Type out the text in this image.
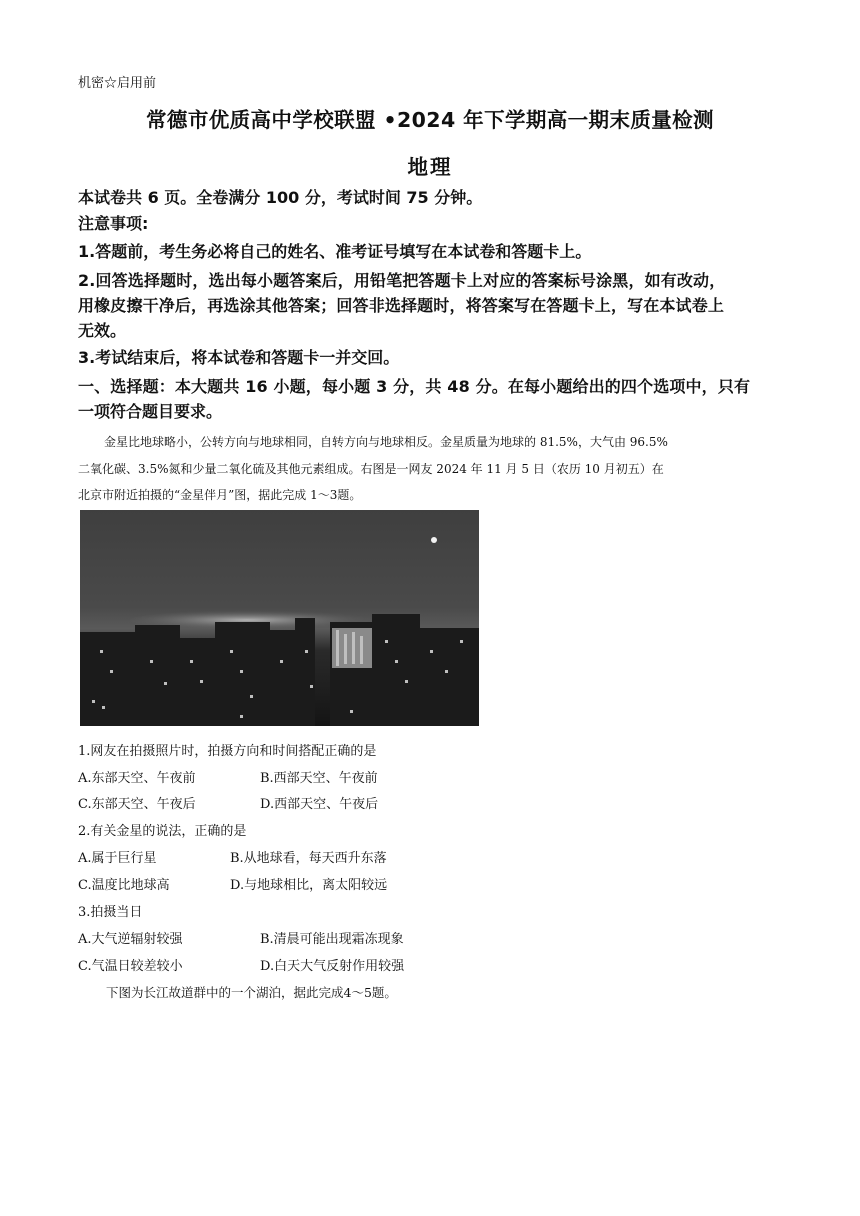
机密☆启用前
常德市优质高中学校联盟 •2024 年下学期高一期末质量检测
地理
本试卷共 6 页。全卷满分 100 分，考试时间 75 分钟。
注意事项:
1.答题前，考生务必将自己的姓名、准考证号填写在本试卷和答题卡上。
2.回答选择题时，选出每小题答案后，用铅笔把答题卡上对应的答案标号涂黑，如有改动，
用橡皮擦干净后，再选涂其他答案；回答非选择题时，将答案写在答题卡上，写在本试卷上
无效。
3.考试结束后，将本试卷和答题卡一并交回。
一、选择题：本大题共 16 小题，每小题 3 分，共 48 分。在每小题给出的四个选项中，只有
一项符合题目要求。
金星比地球略小，公转方向与地球相同，自转方向与地球相反。金星质量为地球的 81.5%，大气由 96.5%
二氧化碳、3.5%氮和少量二氧化硫及其他元素组成。右图是一网友 2024 年 11 月 5 日（农历 10 月初五）在
北京市附近拍摄的“金星伴月”图，据此完成 1～3题。
1.网友在拍摄照片时，拍摄方向和时间搭配正确的是
A.东部天空、午夜前	B.西部天空、午夜前
C.东部天空、午夜后	D.西部天空、午夜后
2.有关金星的说法，正确的是
A.属于巨行星	B.从地球看，每天西升东落
C.温度比地球高	D.与地球相比，离太阳较远
3.拍摄当日
A.大气逆辐射较强	B.清晨可能出现霜冻现象
C.气温日较差较小	D.白天大气反射作用较强
下图为长江故道群中的一个湖泊，据此完成4～5题。
